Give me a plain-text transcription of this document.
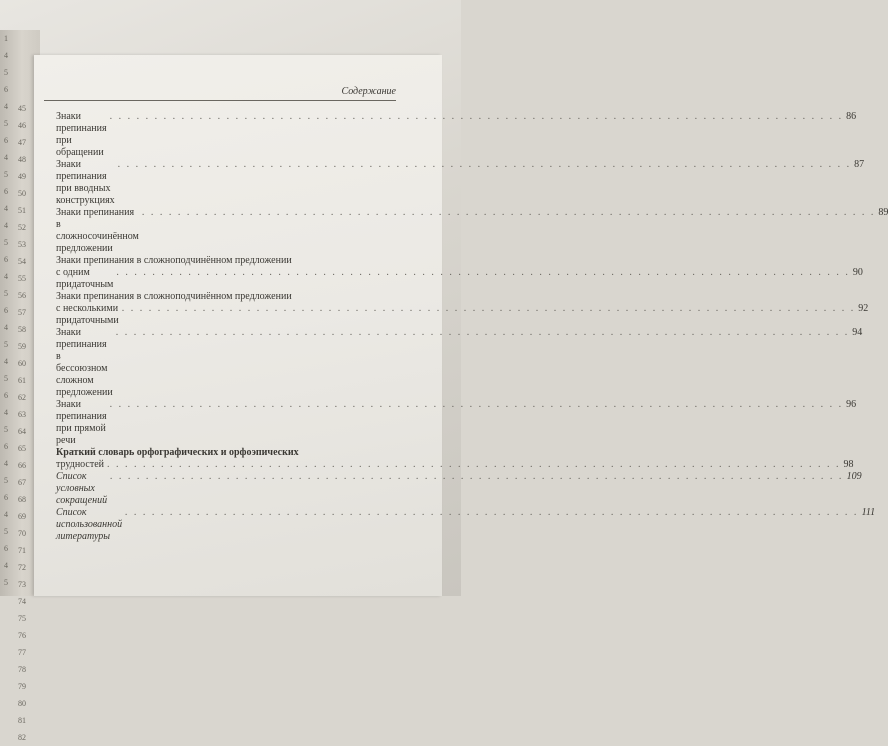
1
4
5
6
4
5
6
4
5
6
4
4
5
6
4
5
6
4
5
4
5
6
4
5
6
4
5
6
4
5
6
4
5
45
46
47
48
49
50
51
52
53
54
55
56
57
58
59
60
61
62
63
64
65
66
67
68
69
70
71
72
73
74
75
76
77
78
79
80
81
82
Содержание
Знаки препинания при обращении
. . .
86
Знаки препинания при вводных конструкциях
. . .
87
Знаки препинания в сложносочинённом предложении
. . .
89
Знаки препинания в сложноподчинённом предложении
с одним придаточным
. . .
90
Знаки препинания в сложноподчинённом предложении
с несколькими придаточными
. . .
92
Знаки препинания в бессоюзном сложном предложении
. . .
94
Знаки препинания при прямой речи
. . .
96
Краткий словарь орфографических и орфоэпических
трудностей
. . .	98
Список условных сокращений
. . .
109
Список использованной литературы
. . .
111
